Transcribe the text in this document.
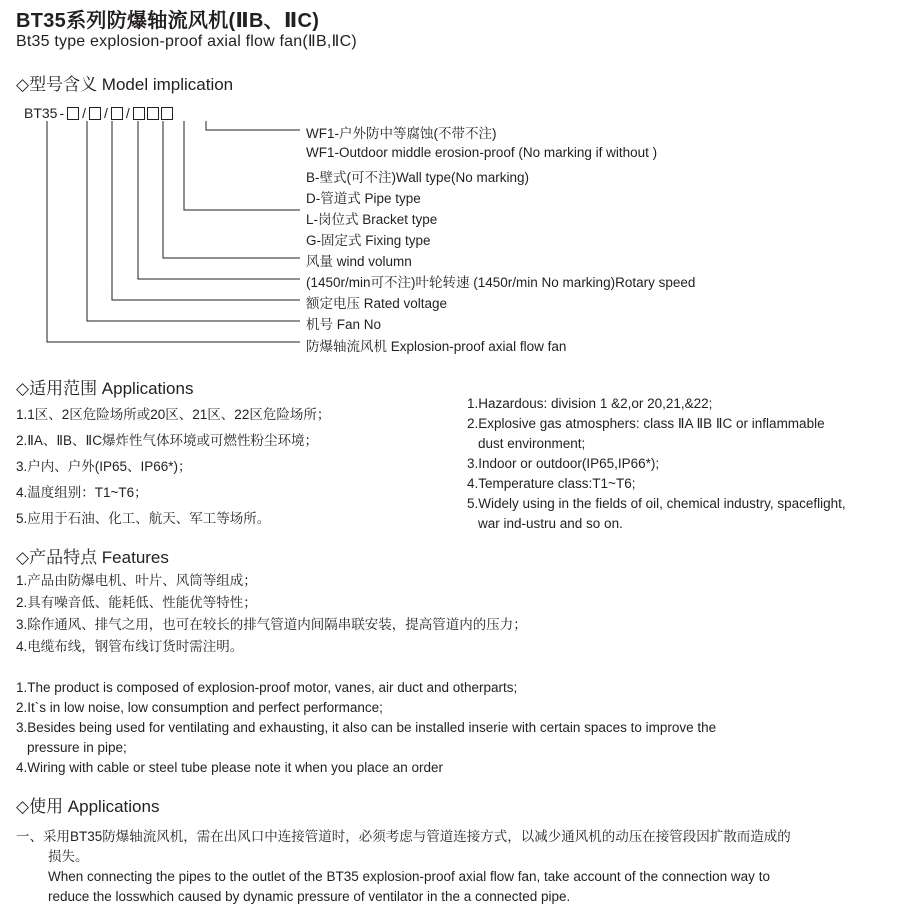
BT35系列防爆轴流风机(ⅡB、ⅡC)
Bt35 type explosion-proof axial flow fan(ⅡB,ⅡC)
◇型号含义 Model implication
BT35 - / / /
WF1-户外防中等腐蚀(不带不注)
WF1-Outdoor middle erosion-proof (No marking if without )
B-壁式(可不注)Wall type(No marking)
D-管道式 Pipe type
L-岗位式 Bracket type
G-固定式 Fixing type
风量 wind volumn
(1450r/min可不注)叶轮转速 (1450r/min No marking)Rotary speed
额定电压 Rated voltage
机号 Fan No
防爆轴流风机 Explosion-proof axial flow fan
◇适用范围 Applications
1.1区、2区危险场所或20区、21区、22区危险场所；
2.ⅡA、ⅡB、ⅡC爆炸性气体环境或可燃性粉尘环境；
3.户内、户外(IP65、IP66*)；
4.温度组别：T1~T6；
5.应用于石油、化工、航天、军工等场所。
1.Hazardous: division 1 &2,or 20,21,&22;
2.Explosive gas atmosphers: class ⅡA ⅡB ⅡC or inflammable
dust environment;
3.Indoor or outdoor(IP65,IP66*);
4.Temperature class:T1~T6;
5.Widely using in the fields of oil, chemical industry, spaceflight,
war ind-ustru and so on.
◇产品特点 Features
1.产品由防爆电机、叶片、风筒等组成；
2.具有噪音低、能耗低、性能优等特性；
3.除作通风、排气之用，也可在较长的排气管道内间隔串联安装，提高管道内的压力；
4.电缆布线，钢管布线订货时需注明。
1.The product is composed of explosion-proof motor, vanes, air duct and otherparts;
2.It`s in low noise, low consumption and perfect performance;
3.Besides being used for ventilating and exhausting, it also can be installed inserie with certain spaces to improve the
pressure in pipe;
4.Wiring with cable or steel tube please note it when you place an order
◇使用 Applications
一、采用BT35防爆轴流风机，需在出风口中连接管道时，必须考虑与管道连接方式，以减少通风机的动压在接管段因扩散而造成的
损失。
When connecting the pipes to the outlet of the BT35 explosion-proof axial flow fan, take account of the connection way to
reduce the losswhich caused by dynamic pressure of ventilator in the a connected pipe.
